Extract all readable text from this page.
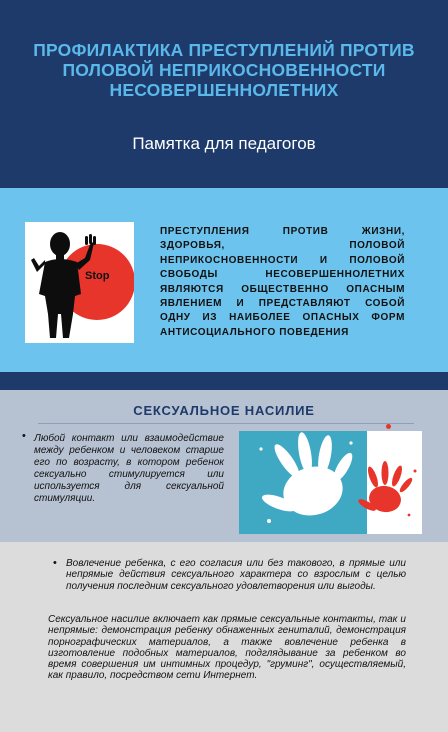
ПРОФИЛАКТИКА ПРЕСТУПЛЕНИЙ ПРОТИВ ПОЛОВОЙ НЕПРИКОСНОВЕННОСТИ НЕСОВЕРШЕННОЛЕТНИХ
Памятка для педагогов
Stop
ПРЕСТУПЛЕНИЯ ПРОТИВ ЖИЗНИ, ЗДОРОВЬЯ, ПОЛОВОЙ НЕПРИКОСНОВЕННОСТИ И ПОЛОВОЙ СВОБОДЫ НЕСОВЕРШЕННОЛЕТНИХ ЯВЛЯЮТСЯ ОБЩЕСТВЕННО ОПАСНЫМ ЯВЛЕНИЕМ И ПРЕДСТАВЛЯЮТ СОБОЙ ОДНУ ИЗ НАИБОЛЕЕ ОПАСНЫХ ФОРМ АНТИСОЦИАЛЬНОГО ПОВЕДЕНИЯ
СЕКСУАЛЬНОЕ НАСИЛИЕ
• Любой контакт или взаимодействие между ребенком и человеком старше его по возрасту, в котором ребенок сексуально стимулируется или используется для сексуальной стимуляции.
• Вовлечение ребенка, с его согласия или без такового, в прямые или непрямые действия сексуального характера со взрослым с целью получения последним сексуального удовлетворения или выгоды.
Сексуальное насилие включает как прямые сексуальные контакты, так и непрямые: демонстрация ребенку обнаженных гениталий, демонстрация порнографических материалов, а также вовлечение ребенка в изготовление подобных материалов, подглядывание за ребенком во время совершения им интимных процедур, "груминг", осуществляемый, как правило, посредством сети Интернет.
